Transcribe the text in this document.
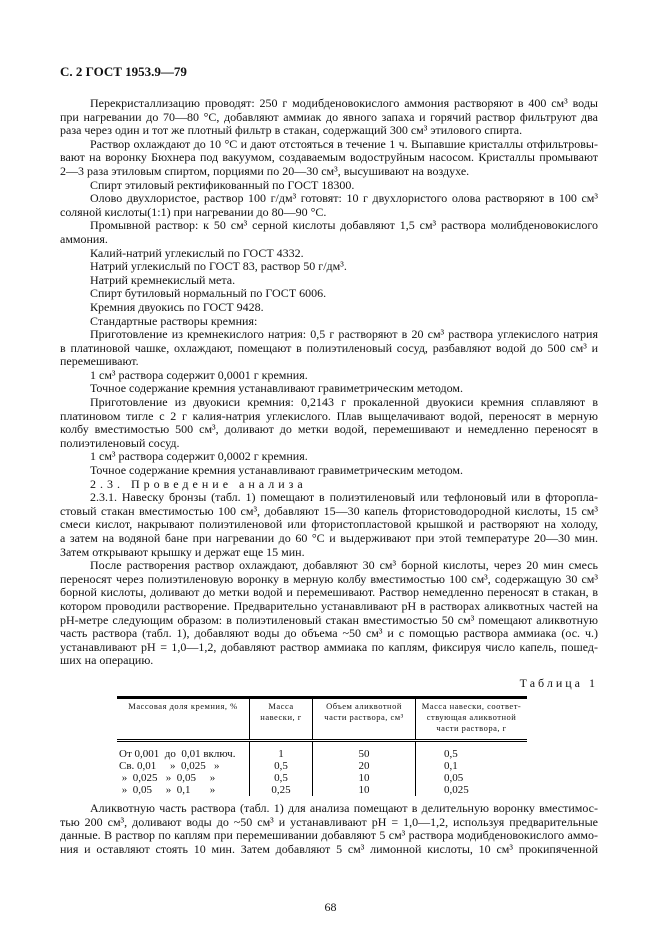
С. 2 ГОСТ 1953.9—79
Перекристаллизацию проводят: 250 г модибденовокислого аммония растворяют в 400 см³ воды
при нагревании до 70—80 °С, добавляют аммиак до явного запаха и горячий раствор фильтруют два
раза через один и тот же плотный фильтр в стакан, содержащий 300 см³ этилового спирта.
Раствор охлаждают до 10 °С и дают отстояться в течение 1 ч. Выпавшие кристаллы отфильтровы-
вают на воронку Бюхнера под вакуумом, создаваемым водоструйным насосом. Кристаллы промывают
2—3 раза этиловым спиртом, порциями по 20—30 см³, высушивают на воздухе.
Спирт этиловый ректификованный по ГОСТ 18300.
Олово двухлористое, раствор 100 г/дм³ готовят: 10 г двухлористого олова растворяют в 100 см³
соляной кислоты(1:1) при нагревании до 80—90 °С.
Промывной раствор: к 50 см³ серной кислоты добавляют 1,5 см³ раствора молибденовокислого
аммония.
Калий-натрий углекислый по ГОСТ 4332.
Натрий углекислый по ГОСТ 83, раствор 50 г/дм³.
Натрий кремнекислый мета.
Спирт бутиловый нормальный по ГОСТ 6006.
Кремния двуокись по ГОСТ 9428.
Стандартные растворы кремния:
Приготовление из кремнекислого натрия: 0,5 г растворяют в 20 см³ раствора углекислого натрия
в платиновой чашке, охлаждают, помещают в полиэтиленовый сосуд, разбавляют водой до 500 см³ и
перемешивают.
1 см³ раствора содержит 0,0001 г кремния.
Точное содержание кремния устанавливают гравиметрическим методом.
Приготовление из двуокиси кремния: 0,2143 г прокаленной двуокиси кремния сплавляют в
платиновом тигле с 2 г калия-натрия углекислого. Плав выщелачивают водой, переносят в мерную
колбу вместимостью 500 см³, доливают до метки водой, перемешивают и немедленно переносят в
полиэтиленовый сосуд.
1 см³ раствора содержит 0,0002 г кремния.
Точное содержание кремния устанавливают гравиметрическим методом.
2.3. Проведение анализа
2.3.1. Навеску бронзы (табл. 1) помещают в полиэтиленовый или тефлоновый или в фторопла-
стовый стакан вместимостью 100 см³, добавляют 15—30 капель фтористоводородной кислоты, 15 см³
смеси кислот, накрывают полиэтиленовой или фтористопластовой крышкой и растворяют на холоду,
а затем на водяной бане при нагревании до 60 °С и выдерживают при этой температуре 20—30 мин.
Затем открывают крышку и держат еще 15 мин.
После растворения раствор охлаждают, добавляют 30 см³ борной кислоты, через 20 мин смесь
переносят через полиэтиленовую воронку в мерную колбу вместимостью 100 см³, содержащую 30 см³
борной кислоты, доливают до метки водой и перемешивают. Раствор немедленно переносят в стакан, в
котором проводили растворение. Предварительно устанавливают pH в растворах аликвотных частей на
pH-метре следующим образом: в полиэтиленовый стакан вместимостью 50 см³ помещают аликвотную
часть раствора (табл. 1), добавляют воды до объема ~50 см³ и с помощью раствора аммиака (ос. ч.)
устанавливают pH = 1,0—1,2, добавляют раствор аммиака по каплям, фиксируя число капель, пошед-
ших на операцию.
Таблица 1
Массовая доля кремния, %	Масса навески, г	Объем аликвотной части раствора, см³	Масса навески, соответ-ствующая аликвотной части раствора, г
От 0,001  до  0,01 включ.	1	50	0,5
Св. 0,01     »  0,025   »	0,5	20	0,1
»  0,025   »  0,05     »	0,5	10	0,05
»  0,05     »  0,1       »	0,25	10	0,025
Аликвотную часть раствора (табл. 1) для анализа помещают в делительную воронку вместимос-
тью 200 см³, доливают воды до ~50 см³ и устанавливают pH = 1,0—1,2, используя предварительные
данные. В раствор по каплям при перемешивании добавляют 5 см³ раствора модибденовокислого аммо-
ния и оставляют стоять 10 мин. Затем добавляют 5 см³ лимонной кислоты, 10 см³ прокипяченной
68
